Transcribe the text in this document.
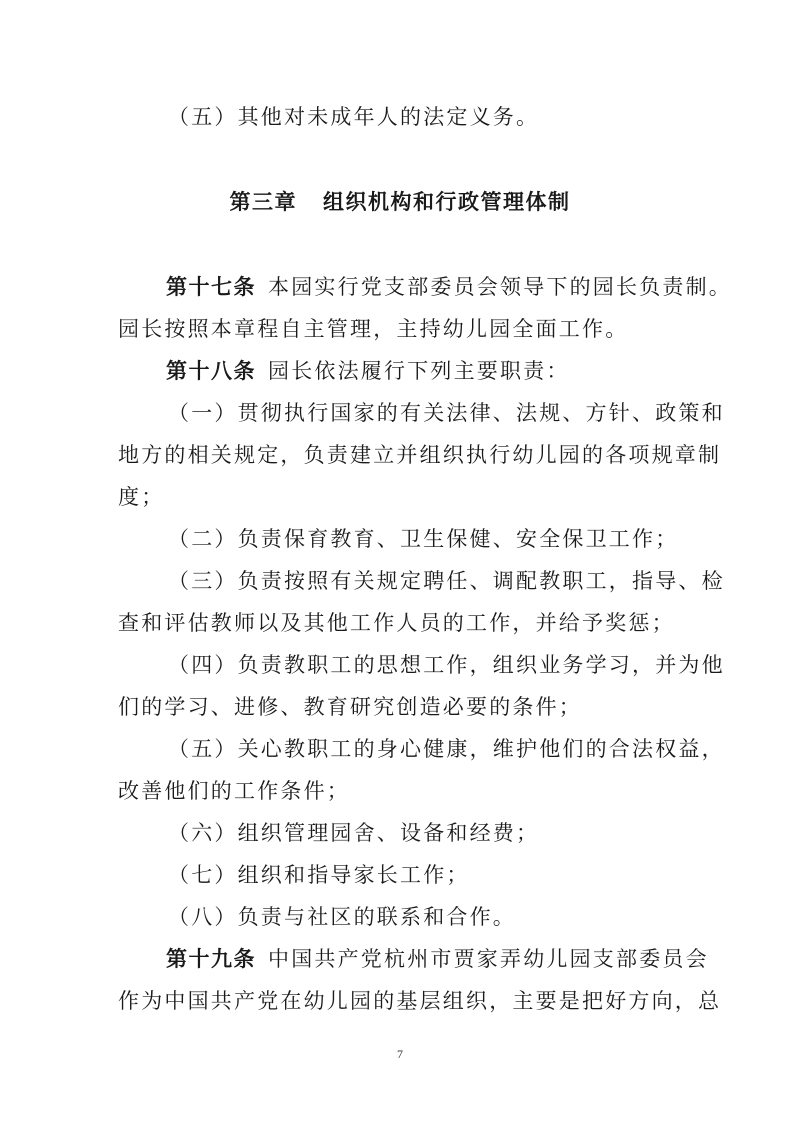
（五）其他对未成年人的法定义务。

第三章 组织机构和行政管理体制

第十七条 本园实行党支部委员会领导下的园长负责制。

园长按照本章程自主管理，主持幼儿园全面工作。

第十八条 园长依法履行下列主要职责：

（一）贯彻执行国家的有关法律、法规、方针、政策和

地方的相关规定，负责建立并组织执行幼儿园的各项规章制

度；

（二）负责保育教育、卫生保健、安全保卫工作；

（三）负责按照有关规定聘任、调配教职工，指导、检

查和评估教师以及其他工作人员的工作，并给予奖惩；

（四）负责教职工的思想工作，组织业务学习，并为他

们的学习、进修、教育研究创造必要的条件；

（五）关心教职工的身心健康，维护他们的合法权益，

改善他们的工作条件；

（六）组织管理园舍、设备和经费；

（七）组织和指导家长工作；

（八）负责与社区的联系和合作。

第十九条 中国共产党杭州市贾家弄幼儿园支部委员会

作为中国共产党在幼儿园的基层组织，主要是把好方向，总

7
